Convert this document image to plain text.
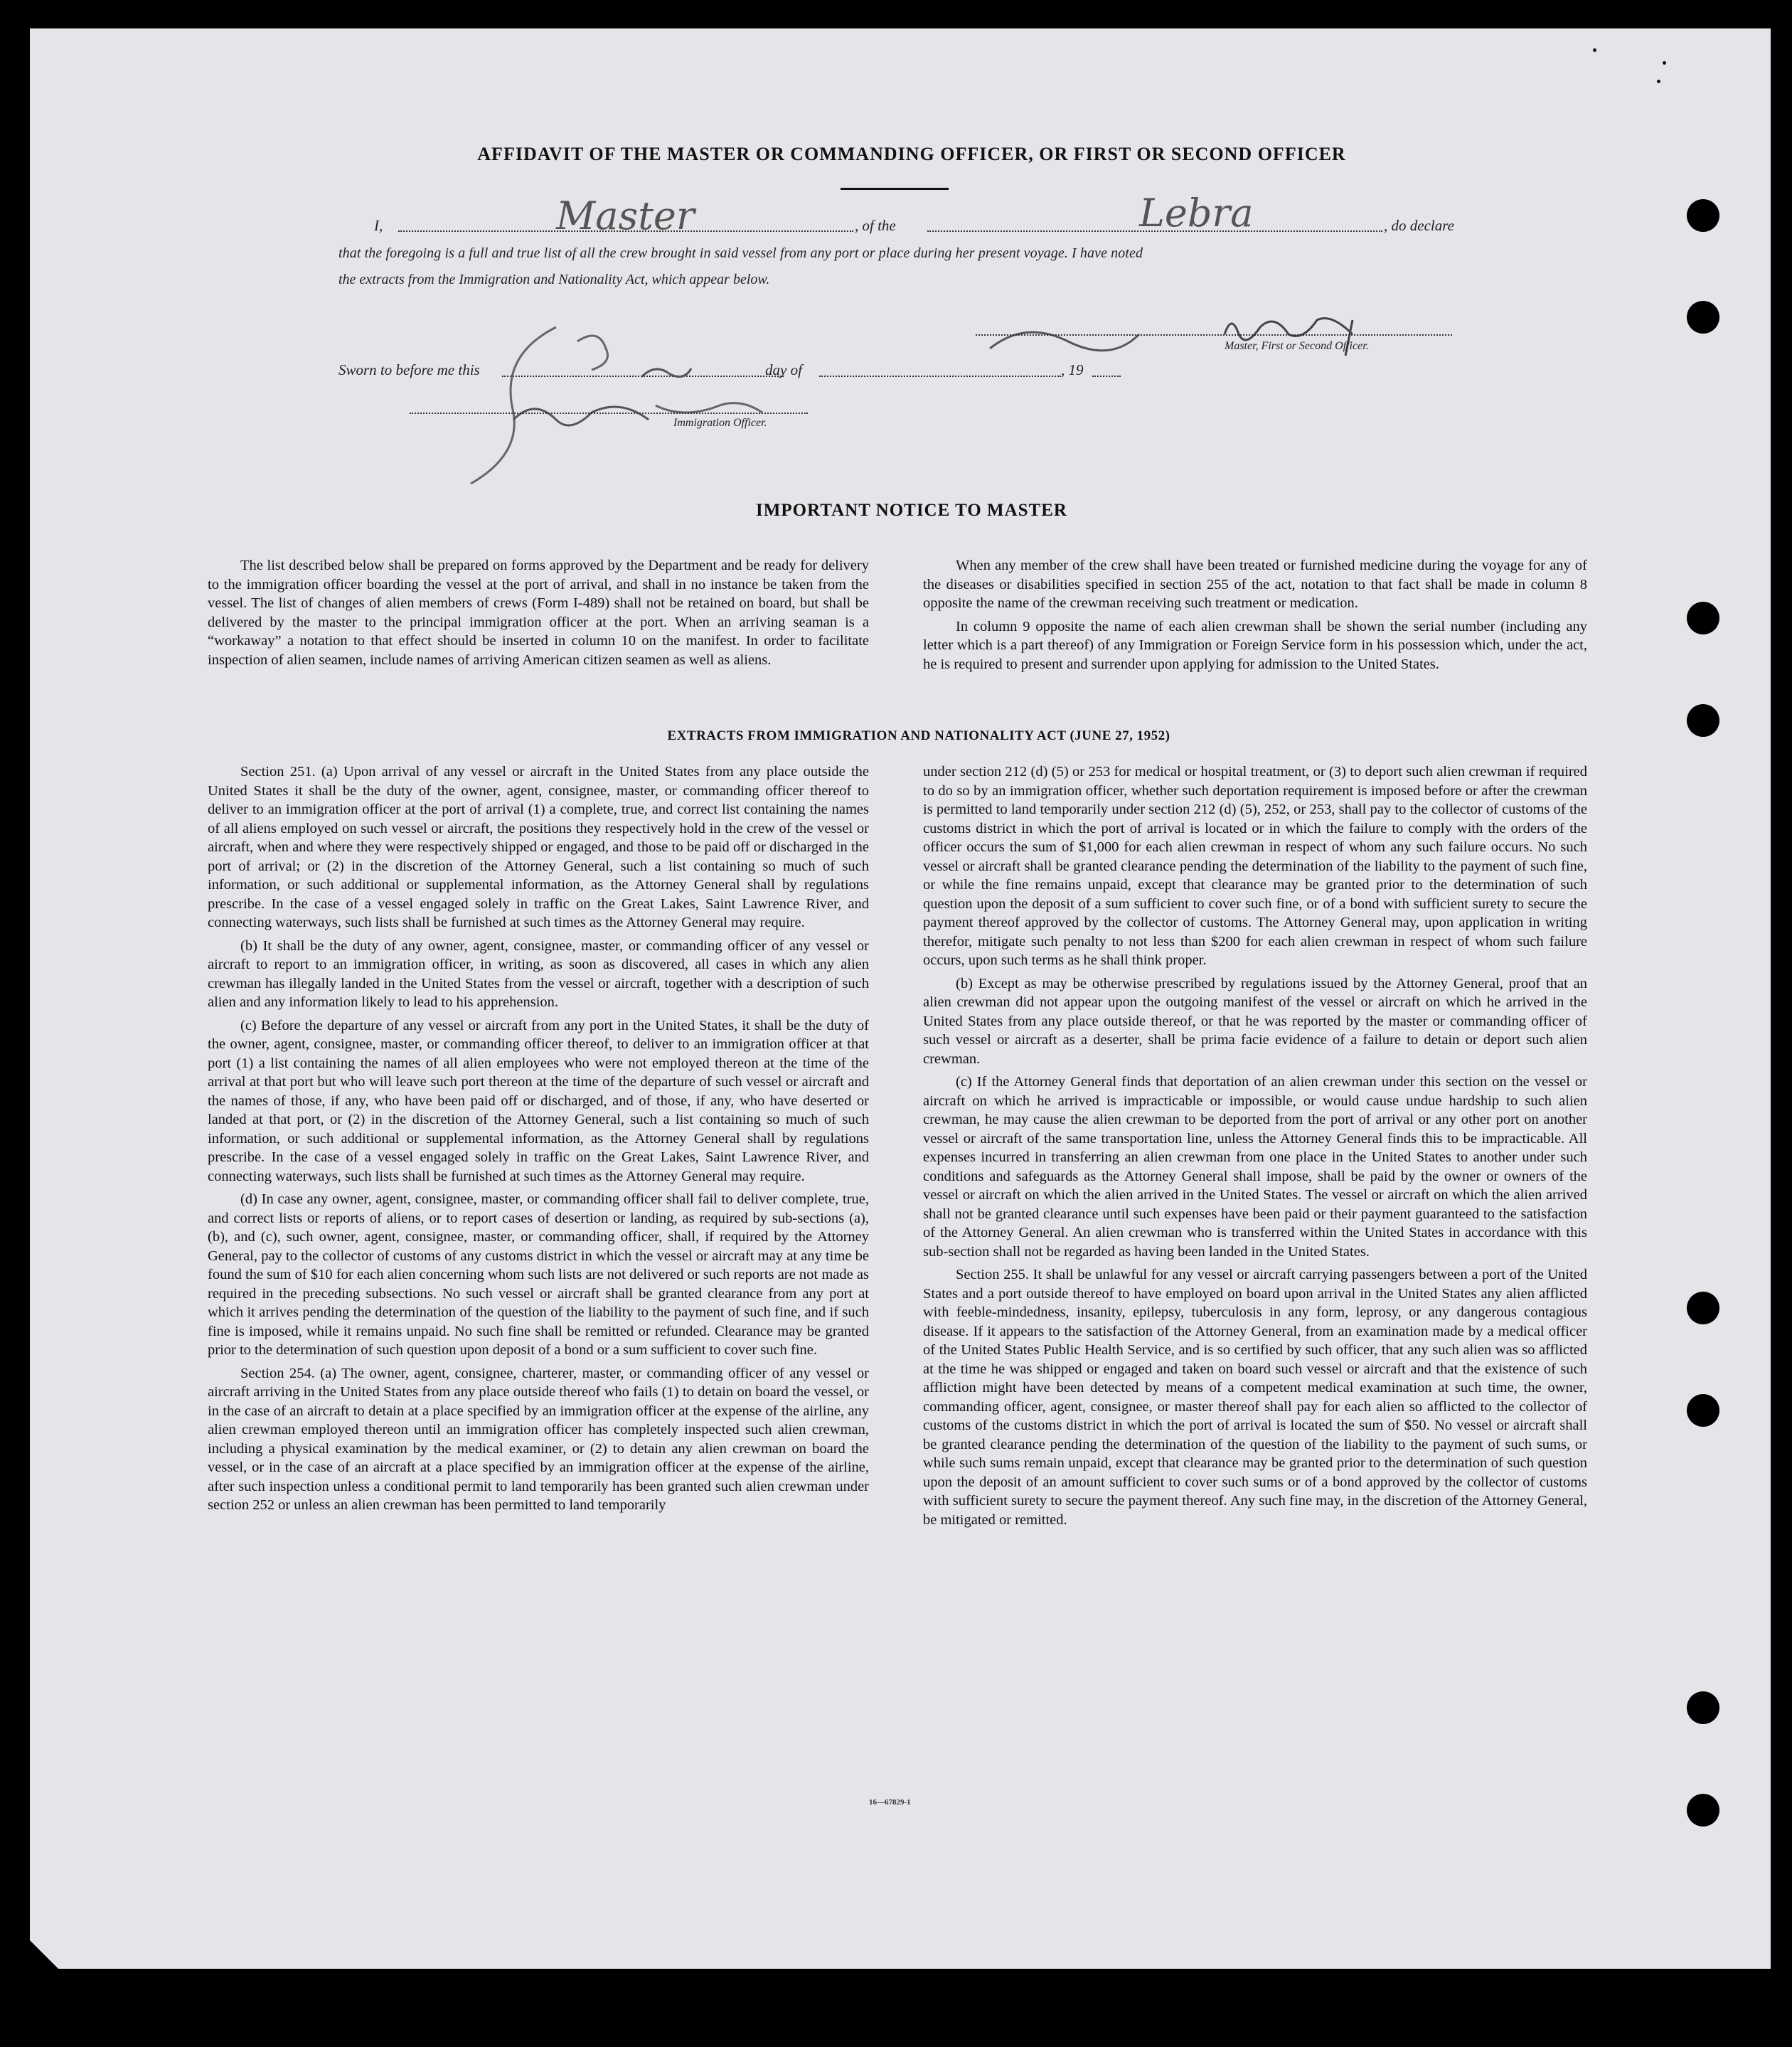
AFFIDAVIT OF THE MASTER OR COMMANDING OFFICER, OR FIRST OR SECOND OFFICER
I,	Master	, of the	Lebra	, do declare
that the foregoing is a full and true list of all the crew brought in said vessel from any port or place during her present voyage. I have noted
the extracts from the Immigration and Nationality Act, which appear below.
Master, First or Second Officer.
Sworn to before me this	day of	, 19
Immigration Officer.
IMPORTANT NOTICE TO MASTER

The list described below shall be prepared on forms approved by the Department and be ready for delivery to the immigration officer boarding the vessel at the port of arrival, and shall in no instance be taken from the vessel. The list of changes of alien members of crews (Form I-489) shall not be retained on board, but shall be delivered by the master to the principal immigration officer at the port. When an arriving seaman is a “workaway” a notation to that effect should be inserted in column 10 on the manifest. In order to facilitate inspection of alien seamen, include names of arriving American citizen seamen as well as aliens.

When any member of the crew shall have been treated or furnished medicine during the voyage for any of the diseases or disabilities specified in section 255 of the act, notation to that fact shall be made in column 8 opposite the name of the crewman receiving such treatment or medication.

In column 9 opposite the name of each alien crewman shall be shown the serial number (including any letter which is a part thereof) of any Immigration or Foreign Service form in his possession which, under the act, he is required to present and surrender upon applying for admission to the United States.

EXTRACTS FROM IMMIGRATION AND NATIONALITY ACT (JUNE 27, 1952)

Section 251. (a) Upon arrival of any vessel or aircraft in the United States from any place outside the United States it shall be the duty of the owner, agent, consignee, master, or commanding officer thereof to deliver to an immigration officer at the port of arrival (1) a complete, true, and correct list containing the names of all aliens employed on such vessel or aircraft, the positions they respectively hold in the crew of the vessel or aircraft, when and where they were respectively shipped or engaged, and those to be paid off or discharged in the port of arrival; or (2) in the discretion of the Attorney General, such a list containing so much of such information, or such additional or supplemental information, as the Attorney General shall by regulations prescribe. In the case of a vessel engaged solely in traffic on the Great Lakes, Saint Lawrence River, and connecting waterways, such lists shall be furnished at such times as the Attorney General may require.

(b) It shall be the duty of any owner, agent, consignee, master, or commanding officer of any vessel or aircraft to report to an immigration officer, in writing, as soon as discovered, all cases in which any alien crewman has illegally landed in the United States from the vessel or aircraft, together with a description of such alien and any information likely to lead to his apprehension.

(c) Before the departure of any vessel or aircraft from any port in the United States, it shall be the duty of the owner, agent, consignee, master, or commanding officer thereof, to deliver to an immigration officer at that port (1) a list containing the names of all alien employees who were not employed thereon at the time of the arrival at that port but who will leave such port thereon at the time of the departure of such vessel or aircraft and the names of those, if any, who have been paid off or discharged, and of those, if any, who have deserted or landed at that port, or (2) in the discretion of the Attorney General, such a list containing so much of such information, or such additional or supplemental information, as the Attorney General shall by regulations prescribe. In the case of a vessel engaged solely in traffic on the Great Lakes, Saint Lawrence River, and connecting waterways, such lists shall be furnished at such times as the Attorney General may require.

(d) In case any owner, agent, consignee, master, or commanding officer shall fail to deliver complete, true, and correct lists or reports of aliens, or to report cases of desertion or landing, as required by sub-sections (a), (b), and (c), such owner, agent, consignee, master, or commanding officer, shall, if required by the Attorney General, pay to the collector of customs of any customs district in which the vessel or aircraft may at any time be found the sum of $10 for each alien concerning whom such lists are not delivered or such reports are not made as required in the preceding subsections. No such vessel or aircraft shall be granted clearance from any port at which it arrives pending the determination of the question of the liability to the payment of such fine, and if such fine is imposed, while it remains unpaid. No such fine shall be remitted or refunded. Clearance may be granted prior to the determination of such question upon deposit of a bond or a sum sufficient to cover such fine.

Section 254. (a) The owner, agent, consignee, charterer, master, or commanding officer of any vessel or aircraft arriving in the United States from any place outside thereof who fails (1) to detain on board the vessel, or in the case of an aircraft to detain at a place specified by an immigration officer at the expense of the airline, any alien crewman employed thereon until an immigration officer has completely inspected such alien crewman, including a physical examination by the medical examiner, or (2) to detain any alien crewman on board the vessel, or in the case of an aircraft at a place specified by an immigration officer at the expense of the airline, after such inspection unless a conditional permit to land temporarily has been granted such alien crewman under section 252 or unless an alien crewman has been permitted to land temporarily

under section 212 (d) (5) or 253 for medical or hospital treatment, or (3) to deport such alien crewman if required to do so by an immigration officer, whether such deportation requirement is imposed before or after the crewman is permitted to land temporarily under section 212 (d) (5), 252, or 253, shall pay to the collector of customs of the customs district in which the port of arrival is located or in which the failure to comply with the orders of the officer occurs the sum of $1,000 for each alien crewman in respect of whom any such failure occurs. No such vessel or aircraft shall be granted clearance pending the determination of the liability to the payment of such fine, or while the fine remains unpaid, except that clearance may be granted prior to the determination of such question upon the deposit of a sum sufficient to cover such fine, or of a bond with sufficient surety to secure the payment thereof approved by the collector of customs. The Attorney General may, upon application in writing therefor, mitigate such penalty to not less than $200 for each alien crewman in respect of whom such failure occurs, upon such terms as he shall think proper.

(b) Except as may be otherwise prescribed by regulations issued by the Attorney General, proof that an alien crewman did not appear upon the outgoing manifest of the vessel or aircraft on which he arrived in the United States from any place outside thereof, or that he was reported by the master or commanding officer of such vessel or aircraft as a deserter, shall be prima facie evidence of a failure to detain or deport such alien crewman.

(c) If the Attorney General finds that deportation of an alien crewman under this section on the vessel or aircraft on which he arrived is impracticable or impossible, or would cause undue hardship to such alien crewman, he may cause the alien crewman to be deported from the port of arrival or any other port on another vessel or aircraft of the same transportation line, unless the Attorney General finds this to be impracticable. All expenses incurred in transferring an alien crewman from one place in the United States to another under such conditions and safeguards as the Attorney General shall impose, shall be paid by the owner or owners of the vessel or aircraft on which the alien arrived in the United States. The vessel or aircraft on which the alien arrived shall not be granted clearance until such expenses have been paid or their payment guaranteed to the satisfaction of the Attorney General. An alien crewman who is transferred within the United States in accordance with this sub-section shall not be regarded as having been landed in the United States.

Section 255. It shall be unlawful for any vessel or aircraft carrying passengers between a port of the United States and a port outside thereof to have employed on board upon arrival in the United States any alien afflicted with feeble-mindedness, insanity, epilepsy, tuberculosis in any form, leprosy, or any dangerous contagious disease. If it appears to the satisfaction of the Attorney General, from an examination made by a medical officer of the United States Public Health Service, and is so certified by such officer, that any such alien was so afflicted at the time he was shipped or engaged and taken on board such vessel or aircraft and that the existence of such affliction might have been detected by means of a competent medical examination at such time, the owner, commanding officer, agent, consignee, or master thereof shall pay for each alien so afflicted to the collector of customs of the customs district in which the port of arrival is located the sum of $50. No vessel or aircraft shall be granted clearance pending the determination of the question of the liability to the payment of such sums, or while such sums remain unpaid, except that clearance may be granted prior to the determination of such question upon the deposit of an amount sufficient to cover such sums or of a bond approved by the collector of customs with sufficient surety to secure the payment thereof. Any such fine may, in the discretion of the Attorney General, be mitigated or remitted.

16—67829-1
